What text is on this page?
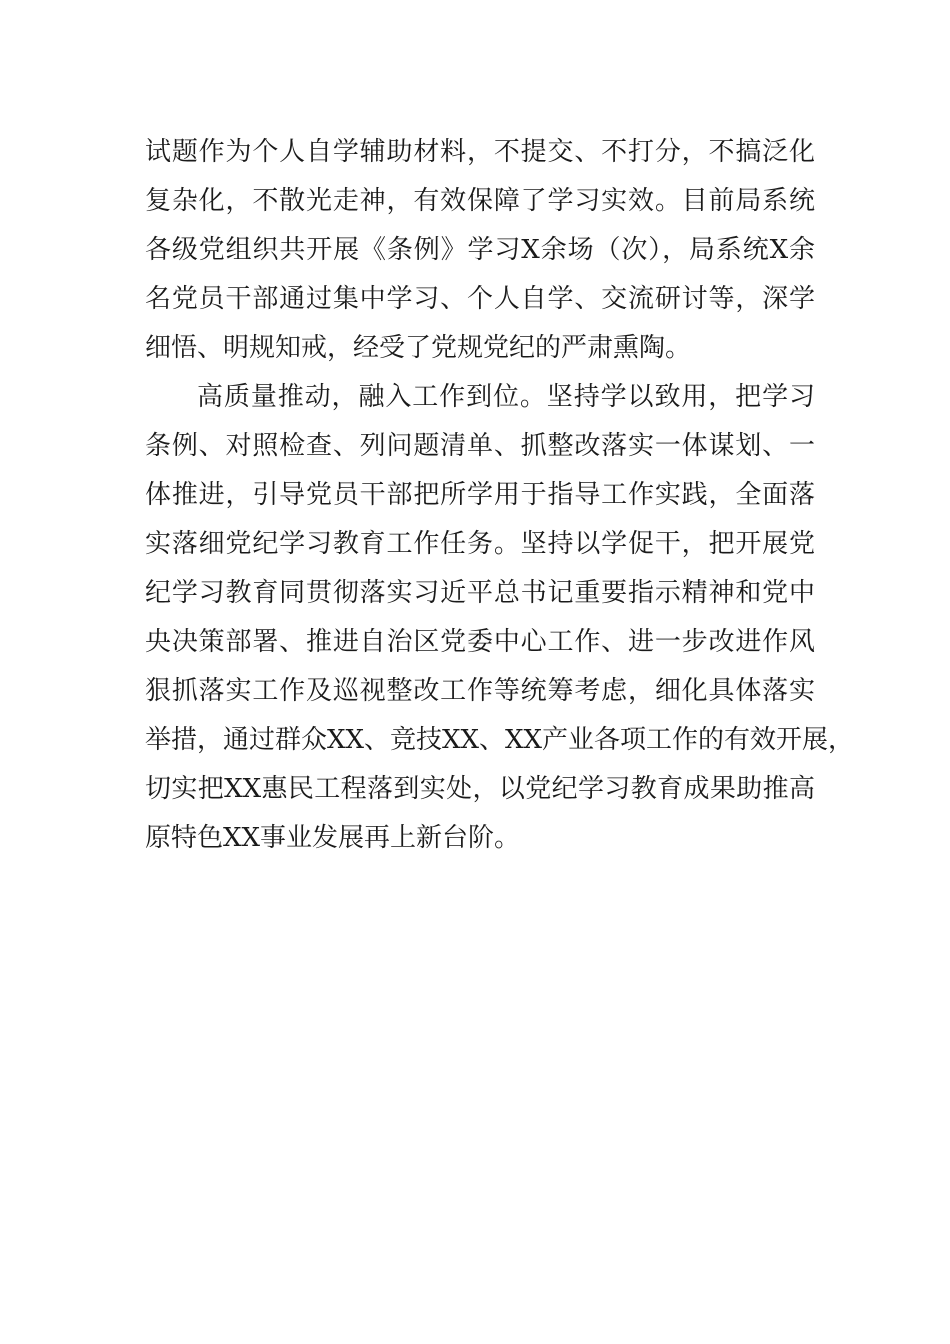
试题作为个人自学辅助材料，不提交、不打分，不搞泛化
复杂化，不散光走神，有效保障了学习实效。目前局系统
各级党组织共开展《条例》学习X余场（次），局系统X余
名党员干部通过集中学习、个人自学、交流研讨等，深学
细悟、明规知戒，经受了党规党纪的严肃熏陶。
高质量推动，融入工作到位。坚持学以致用，把学习
条例、对照检查、列问题清单、抓整改落实一体谋划、一
体推进，引导党员干部把所学用于指导工作实践，全面落
实落细党纪学习教育工作任务。坚持以学促干，把开展党
纪学习教育同贯彻落实习近平总书记重要指示精神和党中
央决策部署、推进自治区党委中心工作、进一步改进作风
狠抓落实工作及巡视整改工作等统筹考虑，细化具体落实
举措，通过群众XX、竞技XX、XX产业各项工作的有效开展，
切实把XX惠民工程落到实处，以党纪学习教育成果助推高
原特色XX事业发展再上新台阶。
